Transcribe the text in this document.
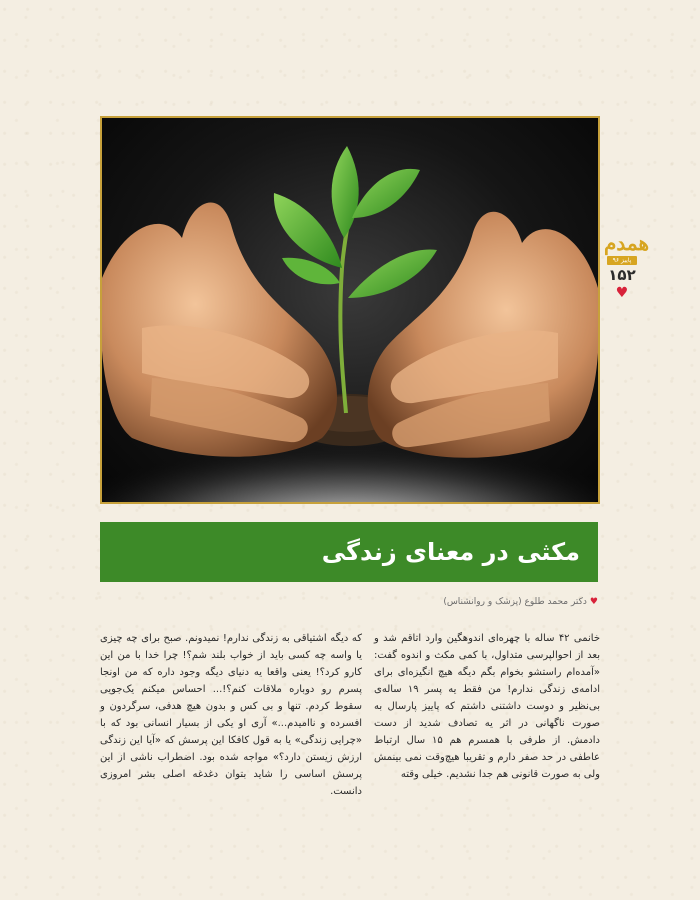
همدم
پاییز ۹۶
۱۵۲
♥
مکثی در معنای زندگی
♥دکتر محمد طلوع (پزشک و روانشناس)

خانمی ۴۲ ساله با چهره‌ای اندوهگین وارد اتاقم شد و بعد از احوالپرسی متداول، با کمی مکث و اندوه گفت: «آمده‌ام راستشو بخوام بگم دیگه هیچ انگیزه‌ای برای ادامه‌ی زندگی ندارم! من فقط یه پسر ۱۹ ساله‌ی بی‌نظیر و دوست داشتنی داشتم که پاییز پارسال به صورت ناگهانی در اثر یه تصادف شدید از دست دادمش. از طرفی با همسرم هم ۱۵ سال ارتباط عاطفی در حد صفر دارم و تقریبا هیچ‌وقت نمی بینمش ولی به صورت قانونی هم جدا نشدیم. خیلی وقته

که دیگه اشتیاقی به زندگی ندارم! نمیدونم. صبح برای چه چیزی یا واسه چه کسی باید از خواب بلند شم؟! چرا خدا با من این کارو کرد؟! یعنی واقعا یه دنیای دیگه وجود داره که من اونجا پسرم رو دوباره ملاقات کنم؟!... احساس میکنم یک‌جویی سقوط کردم. تنها و بی کس و بدون هیچ هدفی، سرگردون و افسرده و ناامیدم...» آری او یکی از بسیار انسانی بود که با «چرایی زندگی» یا به قول کافکا این پرسش که «آیا این زندگی ارزش زیستن دارد؟» مواجه شده بود. اضطراب ناشی از این پرسش اساسی را شاید بتوان دغدغه اصلی بشر امروزی دانست.
